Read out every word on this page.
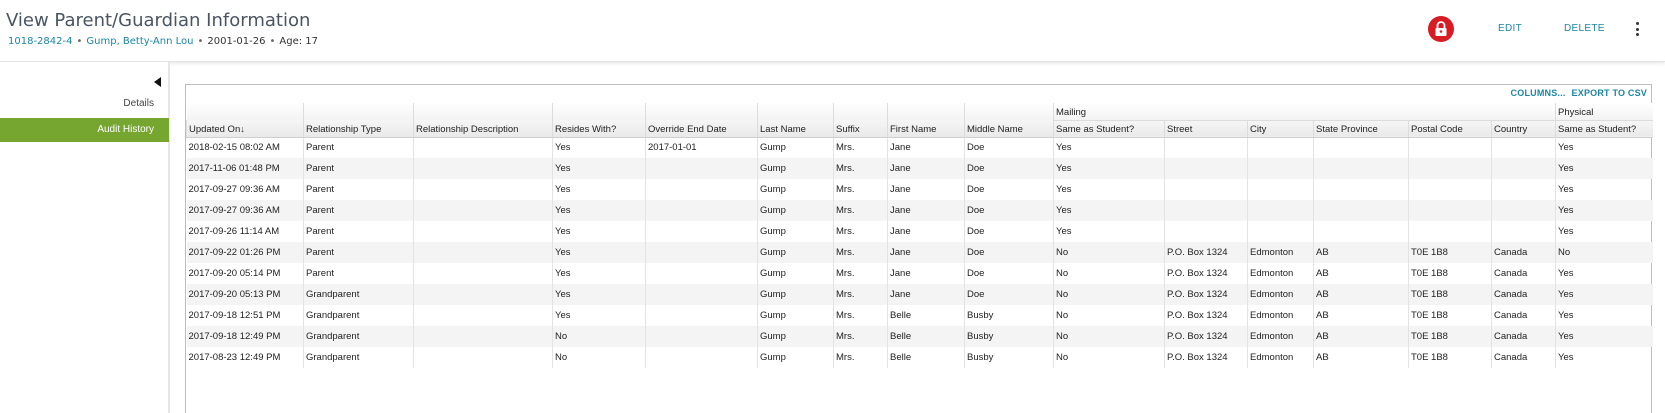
View Parent/Guardian Information
1018-2842-4 • Gump, Betty-Ann Lou • 2001-01-26 • Age: 17
EDIT	DELETE
Details
Audit History
COLUMNS... EXPORT TO CSV
									Mailing						Physical
Updated On↓	Relationship Type	Relationship Description	Resides With?	Override End Date	Last Name	Suffix	First Name	Middle Name	Same as Student?	Street	City	State Province	Postal Code	Country	Same as Student?
2018-02-15 08:02 AM	Parent		Yes	2017-01-01	Gump	Mrs.	Jane	Doe	Yes						Yes
2017-11-06 01:48 PM	Parent		Yes		Gump	Mrs.	Jane	Doe	Yes						Yes
2017-09-27 09:36 AM	Parent		Yes		Gump	Mrs.	Jane	Doe	Yes						Yes
2017-09-27 09:36 AM	Parent		Yes		Gump	Mrs.	Jane	Doe	Yes						Yes
2017-09-26 11:14 AM	Parent		Yes		Gump	Mrs.	Jane	Doe	Yes						Yes
2017-09-22 01:26 PM	Parent		Yes		Gump	Mrs.	Jane	Doe	No	P.O. Box 1324	Edmonton	AB	T0E 1B8	Canada	No
2017-09-20 05:14 PM	Parent		Yes		Gump	Mrs.	Jane	Doe	No	P.O. Box 1324	Edmonton	AB	T0E 1B8	Canada	Yes
2017-09-20 05:13 PM	Grandparent		Yes		Gump	Mrs.	Jane	Doe	No	P.O. Box 1324	Edmonton	AB	T0E 1B8	Canada	Yes
2017-09-18 12:51 PM	Grandparent		Yes		Gump	Mrs.	Belle	Busby	No	P.O. Box 1324	Edmonton	AB	T0E 1B8	Canada	Yes
2017-09-18 12:49 PM	Grandparent		No		Gump	Mrs.	Belle	Busby	No	P.O. Box 1324	Edmonton	AB	T0E 1B8	Canada	Yes
2017-08-23 12:49 PM	Grandparent		No		Gump	Mrs.	Belle	Busby	No	P.O. Box 1324	Edmonton	AB	T0E 1B8	Canada	Yes
